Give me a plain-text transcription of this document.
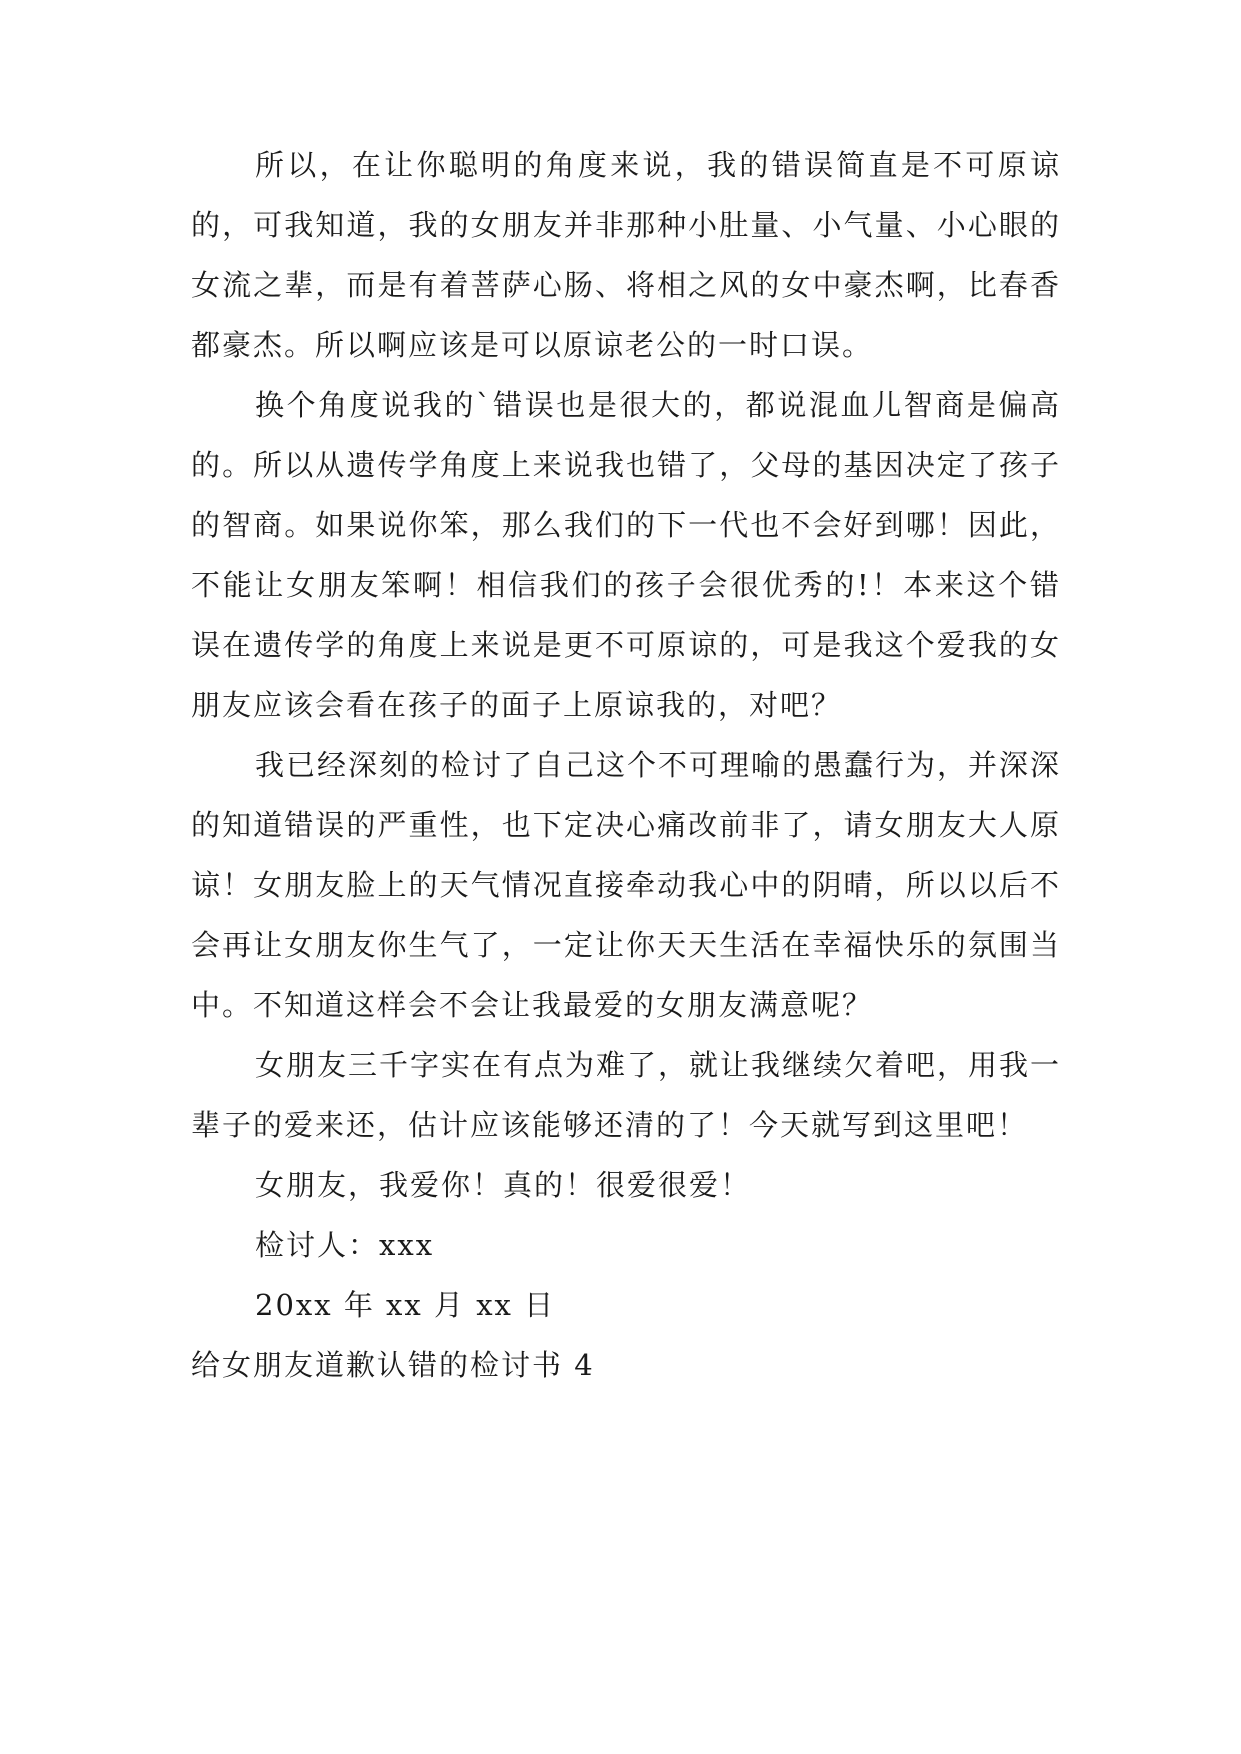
所以，在让你聪明的角度来说，我的错误简直是不可原谅的，可我知道，我的女朋友并非那种小肚量、小气量、小心眼的女流之辈，而是有着菩萨心肠、将相之风的女中豪杰啊，比春香都豪杰。所以啊应该是可以原谅老公的一时口误。

换个角度说我的`错误也是很大的，都说混血儿智商是偏高的。所以从遗传学角度上来说我也错了，父母的基因决定了孩子的智商。如果说你笨，那么我们的下一代也不会好到哪！因此，不能让女朋友笨啊！相信我们的孩子会很优秀的!！本来这个错误在遗传学的角度上来说是更不可原谅的，可是我这个爱我的女朋友应该会看在孩子的面子上原谅我的，对吧？

我已经深刻的检讨了自己这个不可理喻的愚蠢行为，并深深的知道错误的严重性，也下定决心痛改前非了，请女朋友大人原谅！女朋友脸上的天气情况直接牵动我心中的阴晴，所以以后不会再让女朋友你生气了，一定让你天天生活在幸福快乐的氛围当中。不知道这样会不会让我最爱的女朋友满意呢？

女朋友三千字实在有点为难了，就让我继续欠着吧，用我一辈子的爱来还，估计应该能够还清的了！今天就写到这里吧！

女朋友，我爱你！真的！很爱很爱！

检讨人：xxx

20xx 年 xx 月 xx 日

给女朋友道歉认错的检讨书 4
